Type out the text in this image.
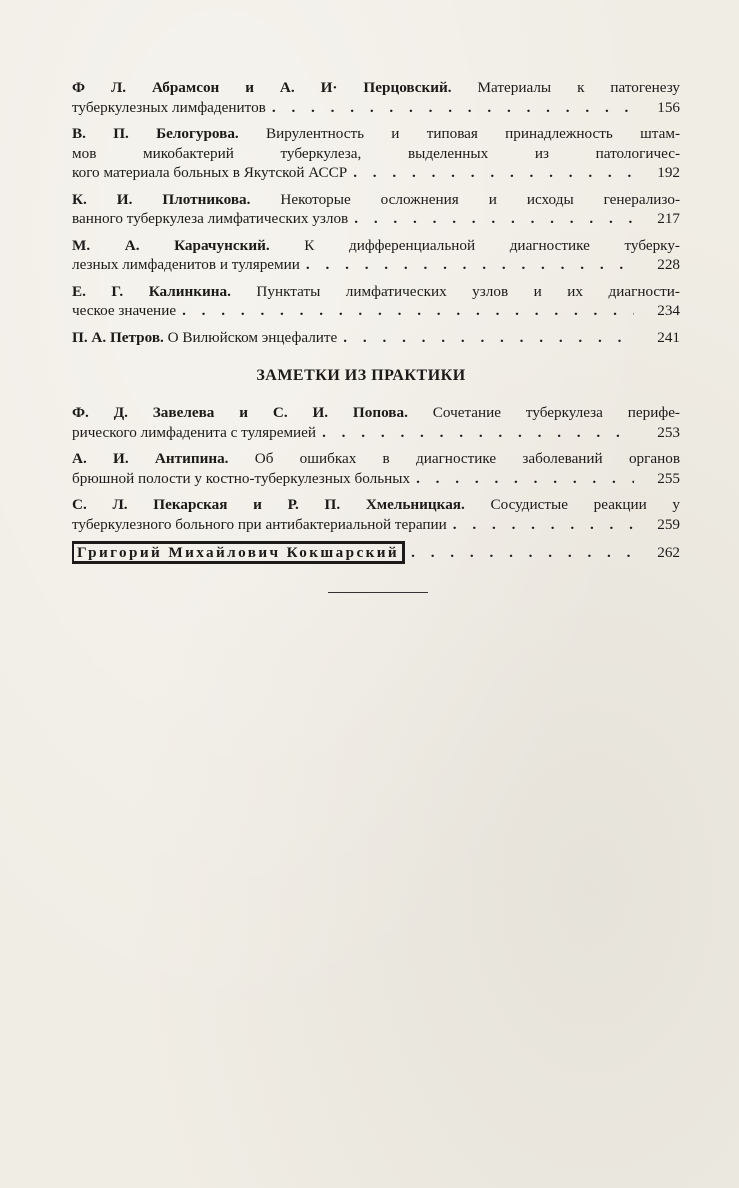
Ф Л. Абрамсон и А. И· Перцовский. Материалы к патогенезу
туберкулезных лимфаденитов . . .	156
В. П. Белогурова. Вирулентность и типовая принадлежность штам-
мов микобактерий туберкулеза, выделенных из патологичес-
кого материала больных в Якутской АССР . . .	192
К. И. Плотникова. Некоторые осложнения и исходы генерализо-
ванного туберкулеза лимфатических узлов . . .	217
М. А. Карачунский. К дифференциальной диагностике туберку-
лезных лимфаденитов и туляремии . . .	228
Е. Г. Калинкина. Пунктаты лимфатических узлов и их диагности-
ческое значение . . .	234
П. А. Петров. О Вилюйском энцефалите . . .	241
ЗАМЕТКИ ИЗ ПРАКТИКИ
Ф. Д. Завелева и С. И. Попова. Сочетание туберкулеза перифе-
рического лимфаденита с туляремией . . .	253
А. И. Антипина. Об ошибках в диагностике заболеваний органов
брюшной полости у костно-туберкулезных больных . . .	255
С. Л. Пекарская и Р. П. Хмельницкая. Сосудистые реакции у
туберкулезного больного при антибактериальной терапии . . .	259
Григорий Михайлович Кокшарский . . .	262
